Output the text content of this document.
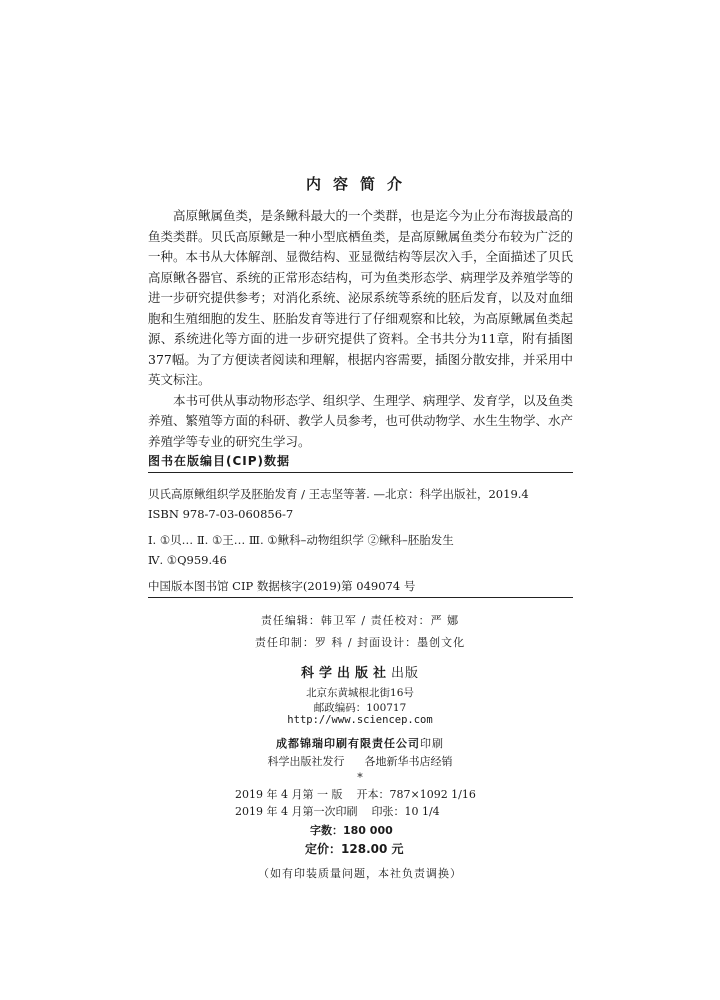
内容简介

高原鳅属鱼类，是条鳅科最大的一个类群，也是迄今为止分布海拔最高的鱼类类群。贝氏高原鳅是一种小型底栖鱼类，是高原鳅属鱼类分布较为广泛的一种。本书从大体解剖、显微结构、亚显微结构等层次入手，全面描述了贝氏高原鳅各器官、系统的正常形态结构，可为鱼类形态学、病理学及养殖学等的进一步研究提供参考；对消化系统、泌尿系统等系统的胚后发育，以及对血细胞和生殖细胞的发生、胚胎发育等进行了仔细观察和比较，为高原鳅属鱼类起源、系统进化等方面的进一步研究提供了资料。全书共分为11章，附有插图377幅。为了方便读者阅读和理解，根据内容需要，插图分散安排，并采用中英文标注。

本书可供从事动物形态学、组织学、生理学、病理学、发育学，以及鱼类养殖、繁殖等方面的科研、教学人员参考，也可供动物学、水生生物学、水产养殖学等专业的研究生学习。

图书在版编目(CIP)数据
贝氏高原鳅组织学及胚胎发育 / 王志坚等著. —北京：科学出版社，2019.4
ISBN 978-7-03-060856-7
Ⅰ. ①贝… Ⅱ. ①王… Ⅲ. ①鳅科–动物组织学 ②鳅科–胚胎发生
Ⅳ. ①Q959.46
中国版本图书馆 CIP 数据核字(2019)第 049074 号
责任编辑：韩卫军 / 责任校对：严 娜
责任印制：罗 科 / 封面设计：墨创文化
科学出版社出版
北京东黄城根北街16号
邮政编码：100717
http://www.sciencep.com
成都锦瑞印刷有限责任公司印刷
科学出版社发行 各地新华书店经销
*
2019 年 4 月第 一 版 开本：787×1092 1/16
2019 年 4 月第一次印刷 印张：10 1/4
字数：180 000
定价：128.00 元
（如有印装质量问题，本社负责调换）
